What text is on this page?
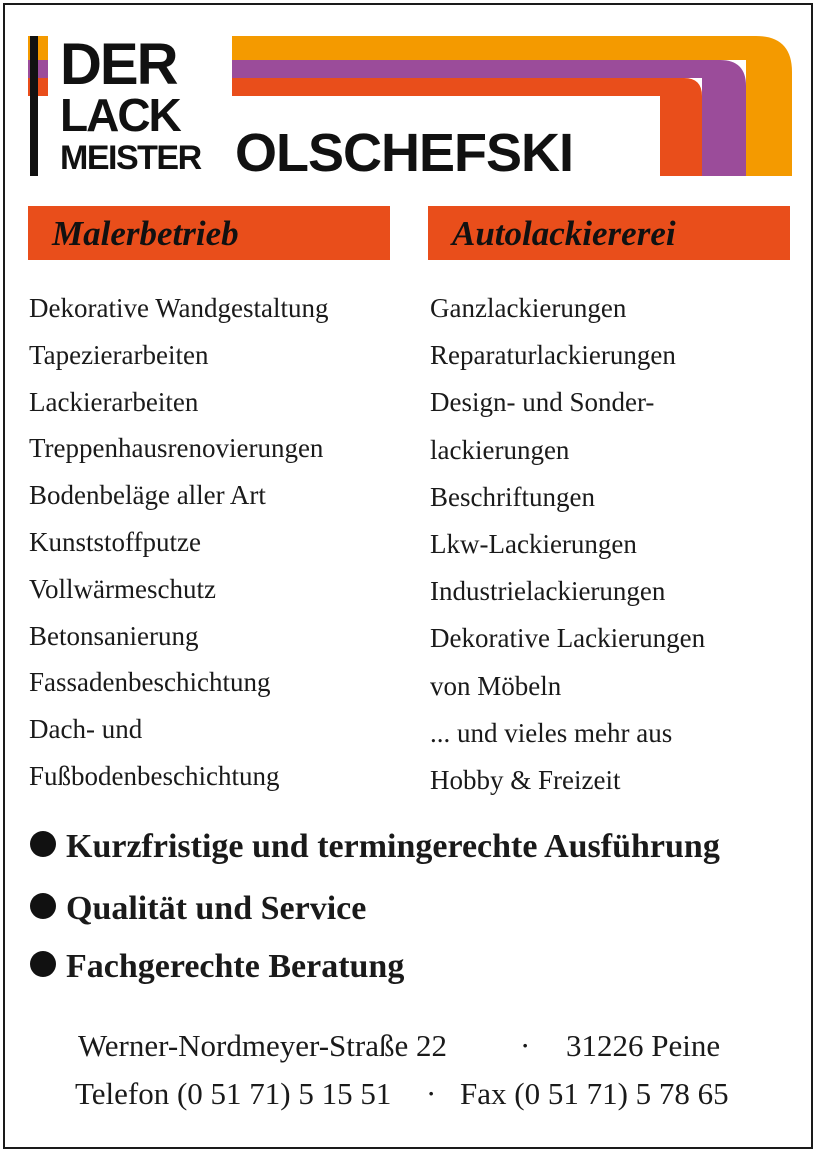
DER
LACK
MEISTER OLSCHEFSKI
Malerbetrieb	Autolackiererei
Dekorative Wandgestaltung
Tapezierarbeiten
Lackierarbeiten
Treppenhausrenovierungen
Bodenbeläge aller Art
Kunststoffputze
Vollwärmeschutz
Betonsanierung
Fassadenbeschichtung
Dach- und
Fußbodenbeschichtung
Ganzlackierungen
Reparaturlackierungen
Design- und Sonder-
lackierungen
Beschriftungen
Lkw-Lackierungen
Industrielackierungen
Dekorative Lackierungen
von Möbeln
... und vieles mehr aus
Hobby & Freizeit
Kurzfristige und termingerechte Ausführung
Qualität und Service
Fachgerechte Beratung
Werner-Nordmeyer-Straße 22 · 31226 Peine
Telefon (0 51 71) 5 15 51 · Fax (0 51 71) 5 78 65
